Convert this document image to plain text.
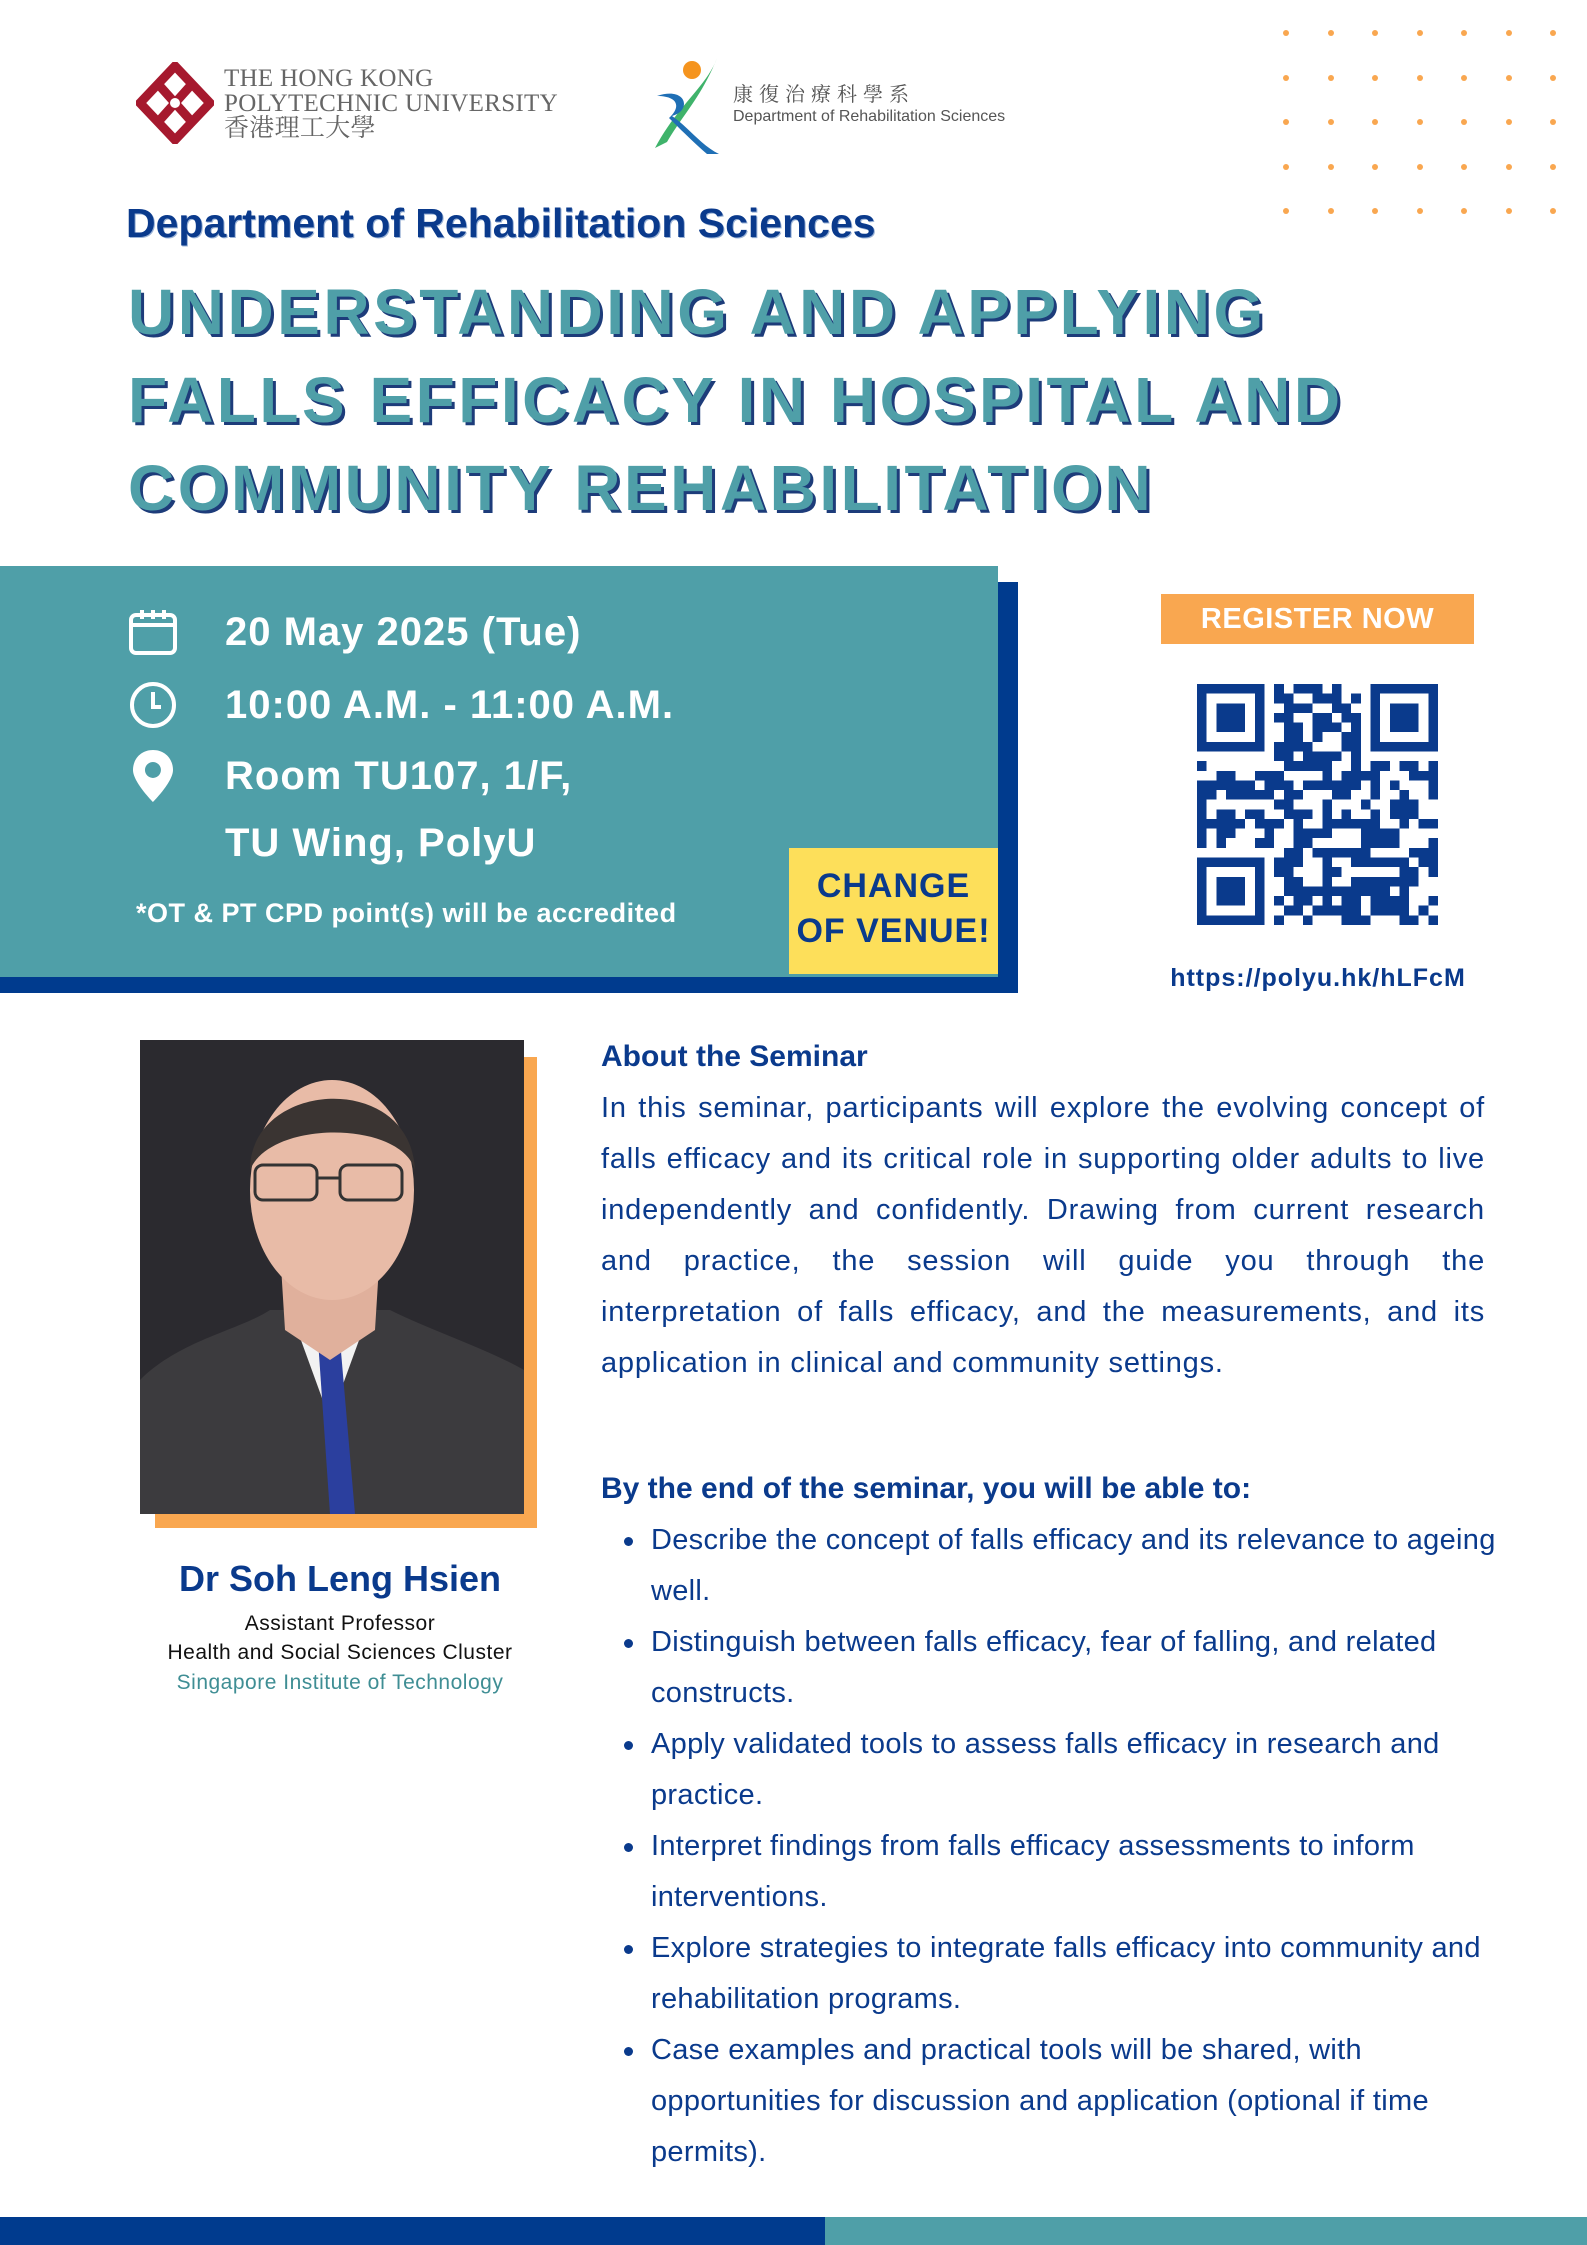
THE HONG KONG
POLYTECHNIC UNIVERSITY
香港理工大學
康復治療科學系
Department of Rehabilitation Sciences
Department of Rehabilitation Sciences
UNDERSTANDING AND APPLYING
FALLS EFFICACY IN HOSPITAL AND
COMMUNITY REHABILITATION
20 May 2025 (Tue)
10:00 A.M. - 11:00 A.M.
Room TU107, 1/F,
TU Wing, PolyU
*OT & PT CPD point(s) will be accredited
CHANGE
OF VENUE!
REGISTER NOW
https://polyu.hk/hLFcM
Dr Soh Leng Hsien
Assistant Professor
Health and Social Sciences Cluster
Singapore Institute of Technology
About the Seminar
In this seminar, participants will explore the evolving concept of falls efficacy and its critical role in supporting older adults to live independently and confidently. Drawing from current research and practice, the session will guide you through the interpretation of falls efficacy, and the measurements, and its application in clinical and community settings.
By the end of the seminar, you will be able to:
Describe the concept of falls efficacy and its relevance to ageing well.
Distinguish between falls efficacy, fear of falling, and related constructs.
Apply validated tools to assess falls efficacy in research and practice.
Interpret findings from falls efficacy assessments to inform interventions.
Explore strategies to integrate falls efficacy into community and rehabilitation programs.
Case examples and practical tools will be shared, with opportunities for discussion and application (optional if time permits).
